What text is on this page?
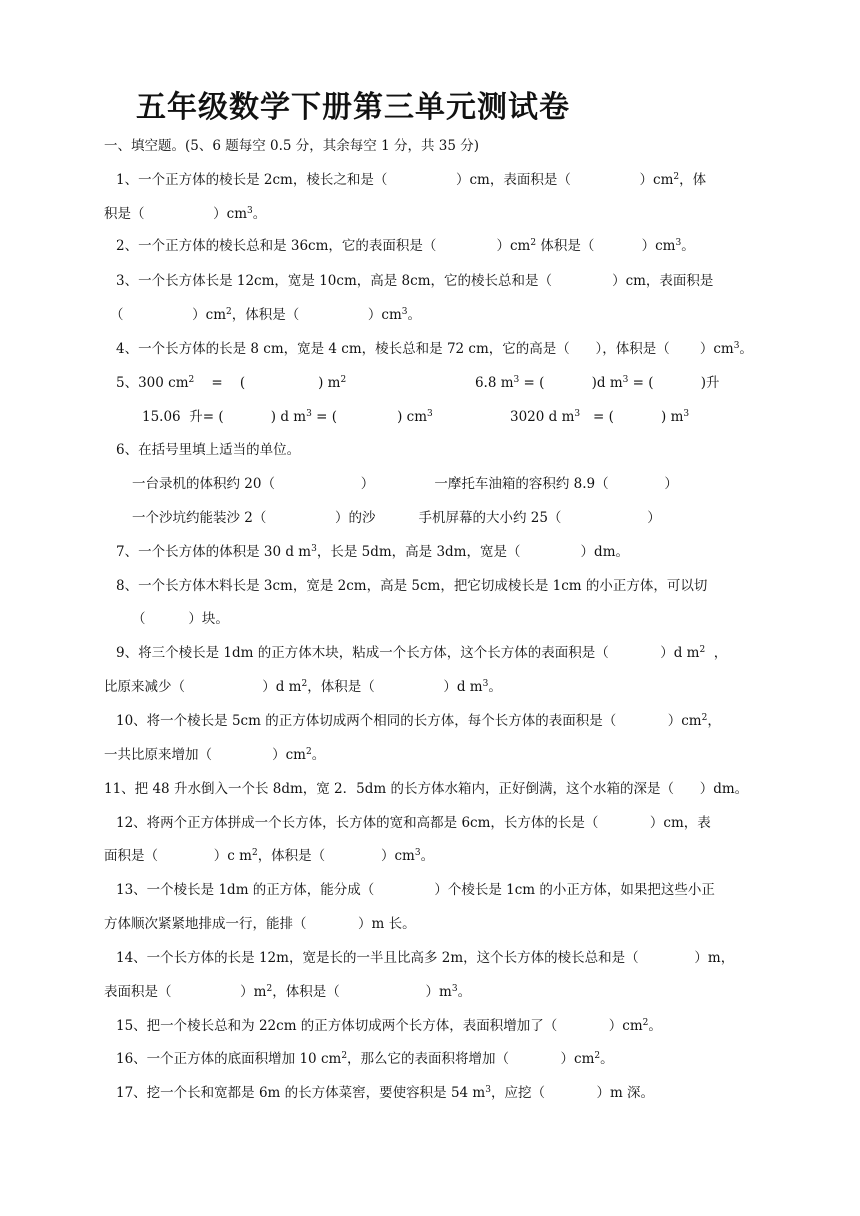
五年级数学下册第三单元测试卷
一、填空题。(5、6 题每空 0.5 分，其余每空 1 分，共 35 分)
1、一个正方体的棱长是 2cm，棱长之和是（                ）cm，表面积是（                ）$cm^2$，体
积是（                ）$cm^3$。
2、一个正方体的棱长总和是 36cm，它的表面积是（              ）$cm^2$ 体积是（           ）$cm^3$。
3、一个长方体长是 12cm，宽是 10cm，高是 8cm，它的棱长总和是（              ）cm，表面积是
（                ）$cm^2$，体积是（                ）$cm^3$。
4、一个长方体的长是 8 cm，宽是 4 cm，棱长总和是 72 cm，它的高是（      ），体积是（       ）$cm^3$。
5、300 $cm^2$    =    (                 ) $m^2$                              6.8 $m^3$ = (           )d $m^3$ = (           )升
15.06  升= (           ) d $m^3$ = (              ) $cm^3$                  3020 d $m^3$   = (           ) $m^3$
6、在括号里填上适当的单位。
一台录机的体积约 20（                    ）              一摩托车油箱的容积约 8.9（             ）
一个沙坑约能装沙 2（                ）的沙          手机屏幕的大小约 25（                    ）
7、一个长方体的体积是 30 d $m^3$，长是 5dm，高是 3dm，宽是（              ）dm。
8、一个长方体木料长是 3cm，宽是 2cm，高是 5cm，把它切成棱长是 1cm 的小正方体，可以切
（          ）块。
9、将三个棱长是 1dm 的正方体木块，粘成一个长方体，这个长方体的表面积是（            ）d $m^2$  ，
比原来减少（                  ）d $m^2$，体积是（                ）d $m^3$。
10、将一个棱长是 5cm 的正方体切成两个相同的长方体，每个长方体的表面积是（            ）$cm^2$，
一共比原来增加（              ）$cm^2$。
11、把 48 升水倒入一个长 8dm，宽 2．5dm 的长方体水箱内，正好倒满，这个水箱的深是（      ）dm。
12、将两个正方体拼成一个长方体，长方体的宽和高都是 6cm，长方体的长是（            ）cm，表
面积是（             ）c $m^2$，体积是（             ）$cm^3$。
13、一个棱长是 1dm 的正方体，能分成（              ）个棱长是 1cm 的小正方体，如果把这些小正
方体顺次紧紧地排成一行，能排（            ）m 长。
14、一个长方体的长是 12m，宽是长的一半且比高多 2m，这个长方体的棱长总和是（             ）m，
表面积是（                ）$m^2$，体积是（                    ）$m^3$。
15、把一个棱长总和为 22cm 的正方体切成两个长方体，表面积增加了（            ）$cm^2$。
16、一个正方体的底面积增加 10 $cm^2$，那么它的表面积将增加（            ）$cm^2$。
17、挖一个长和宽都是 6m 的长方体菜窖，要使容积是 54 $m^3$，应挖（            ）m 深。
